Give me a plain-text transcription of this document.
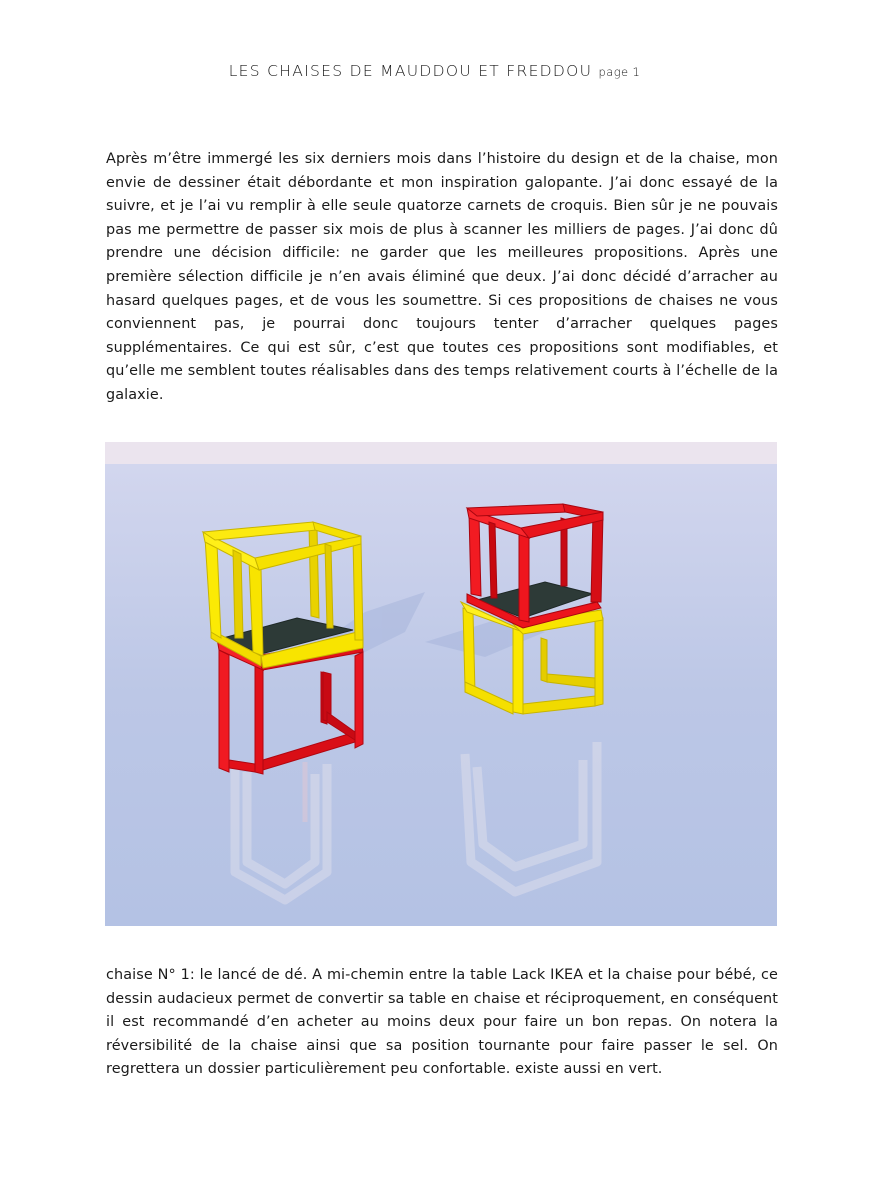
LES CHAISES DE MAUDDOU ET FREDDOU page 1

Après m’être immergé les six derniers mois dans l’histoire du design et de la chaise, mon envie de dessiner était débordante et mon inspiration galopante. J’ai donc essayé de la suivre, et je l’ai vu remplir à elle seule quatorze carnets de croquis. Bien sûr je ne pouvais pas me permettre de passer six mois de plus à scanner les milliers de pages. J’ai donc dû prendre une décision difficile: ne garder que les meilleures propositions. Après une première sélection difficile je n’en avais éliminé que deux. J’ai donc décidé d’arracher au hasard quelques pages, et de vous les soumettre. Si ces propositions de chaises ne vous conviennent pas, je pourrai donc toujours tenter d’arracher quelques pages supplémentaires. Ce qui est sûr, c’est que toutes ces propositions sont modifiables, et qu’elle me semblent toutes réalisables dans des temps relativement courts à l’échelle de la galaxie.

chaise N° 1: le lancé de dé. A mi-chemin entre la table Lack IKEA et la chaise pour bébé, ce dessin audacieux permet de convertir sa table en chaise et réciproquement, en conséquent il est recommandé d’en acheter au moins deux pour faire un bon repas. On notera la réversibilité de la chaise ainsi que sa position tournante pour faire passer le sel. On regrettera un dossier particulièrement peu confortable. existe aussi en vert.
